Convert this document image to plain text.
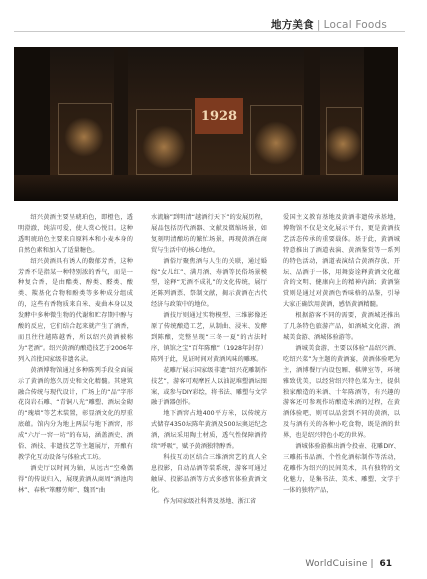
地方美食 | Local Foods
1928

绍兴黄酒主要呈琥珀色，即橙色，透明澄澈，纯洁可爱，使人赏心悦目。这种透明琥珀色主要来自原料本和小麦本身的自然色素和加入了适量糖色。

绍兴黄酒具有诱人的馥郁芳香，这种芳香不是指某一种特别浓的香气，而是一种复合香，是由酯类、醇类、醛类、酸类、羰基化合物和酚类等多种成分组成的，这些有香物质来自米、麦曲本身以及发酵中多种微生物的代谢和贮存期中醇与酸的反应，它们结合起来就产生了酒香，而且往往越陈越香，所以绍兴黄酒被称为“老酒”。绍兴黄酒的酿造技艺于2006年列入首批国家级非遗名录。

黄酒博物馆通过多种陈列手段全面展示了黄酒的悠久历史和文化精髓。其建筑融合传统与现代设计，广场上的“品”字形花岗岩石雕、“青铜八光”雕塑、酒坛金砌的“瑰墙”等艺术装置，彰显酒文化的厚重底蕴。馆内分为地上两层与地下酒窖，形成“六厅一窖一坊”的布局，涵盖酒史、酒俗、酒技、非遗技艺等主题展厅，开酿有教学化互动设备与体验式工坊。

酒史厅以时间为轴，从远古“空桑偶得”的传说归入，展现黄酒从商周“酒池肉林”、春秋“箪醪劳师”、魏晋“曲

水流觞”到明清“越酒行天下”的发展历程，展品包括历代酒器、文献及微缩场景，如复刻明清酿坊的繁忙场景，再现黄酒在商贸与生活中的核心地位。

酒俗厅聚焦酒与人生的关联，通过婚嫁“女儿红”、满月酒、寿酒等民俗场景模型，诠释“无酒不成礼”的文化传统，展厅还陈列酒票、祭制文献，揭示黄酒在古代经济与政策中的地位。

酒技厅则通过实物模型、三维影像还原了传统酿造工艺，从制曲、浸米、发酵到陈酿，完整呈现“三冬一夏”的古法时序，镇馆之宝“百年陈酿”（1928年封存）陈列于此，见证时间对黄酒风味的雕琢。

花雕厅展示国家级非遗“绍兴花雕制作技艺”，游客可观摩匠人以油泥堆塑酒坛图案，或参与DIY彩绘，将书法、雕塑与文学融于酒器创作。

地下酒窖占地400平方米，以传统方式储存4350坛陈年黄酒及500坛奥运纪念酒，酒坛采用陶土材质，透气性保障酒持续“呼吸”，赋予黄酒独特醇香。

科技互动区结合三维酒窖艺的真人全息投影，自动品酒等装系统，游客可通过触屏、投影品酒等方式多感官体验黄酒文化。

作为国家级社科普及基地、浙江省

爱国主义教育基地及黄酒非遗传承基地，博物馆不仅是文化展示平台，更是黄酒技艺活态传承的重要载体。基于此，黄酒城特意推出了酒道表演、黄酒鉴赏等一系列的特色活动，酒道表演结合黄酒存放、开坛、品酒于一体，用舞姿诠释黄酒文化蕴含的文明、健康向上的精神内涵；黄酒鉴赏则是通过对黄酒色香味格的品鉴，引导大家正确饮用黄酒，感悟黄酒精髓。

根据游客不同的需要，黄酒城还推出了几条特色旅游产品，如酒城文化游、酒城美食游、酒城体验游等。

酒城美食游，主要以体验“品绍兴酒、吃绍兴菜”为主题的黄酒宴，黄酒体验吧为主，酒博餐厅内设包厢、棋牌室等，环境雅致优美，以经营绍兴特色菜为主，提供独家酿造的米酒、十年陈酒等，有兴趣的游客还可参观作坊酿造米酒的过程，在黄酒体验吧，则可以品尝到不同的黄酒，以及与酒有关的各种小吃食物，既是酒的世界，也是绍兴特色小吃的世界。

酒城体验游推出酒令投壶、花雕DIY、三雕拓书品酒、个性化酒标制作等活动，花雕作为绍兴的民间美术，具有独特的文化魅力，是集书法、美术、雕塑、文学于一体的独特产品，

WorldCuisine | 61
